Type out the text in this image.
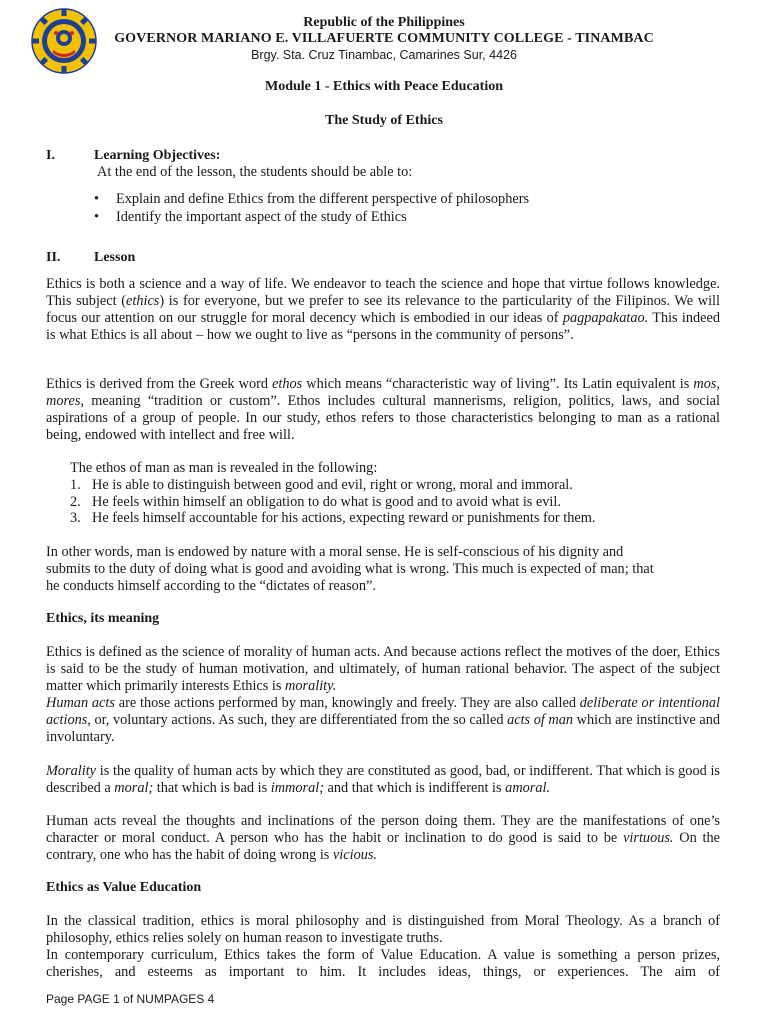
Republic of the Philippines
GOVERNOR MARIANO E. VILLAFUERTE COMMUNITY COLLEGE - TINAMBAC
Brgy. Sta. Cruz Tinambac, Camarines Sur, 4426
Module 1 - Ethics with Peace Education
The Study of Ethics
I.	Learning Objectives:
At the end of the lesson, the students should be able to:
• Explain and define Ethics from the different perspective of philosophers
• Identify the important aspect of the study of Ethics
II. Lesson
Ethics is both a science and a way of life. We endeavor to teach the science and hope that virtue follows knowledge. This subject (ethics) is for everyone, but we prefer to see its relevance to the particularity of the Filipinos. We will focus our attention on our struggle for moral decency which is embodied in our ideas of pagpapakatao. This indeed is what Ethics is all about – how we ought to live as “persons in the community of persons”.
Ethics is derived from the Greek word ethos which means “characteristic way of living”. Its Latin equivalent is mos, mores, meaning “tradition or custom”. Ethos includes cultural mannerisms, religion, politics, laws, and social aspirations of a group of people. In our study, ethos refers to those characteristics belonging to man as a rational being, endowed with intellect and free will.
The ethos of man as man is revealed in the following:
1. He is able to distinguish between good and evil, right or wrong, moral and immoral.
2. He feels within himself an obligation to do what is good and to avoid what is evil.
3. He feels himself accountable for his actions, expecting reward or punishments for them.
In other words, man is endowed by nature with a moral sense. He is self-conscious of his dignity and
submits to the duty of doing what is good and avoiding what is wrong. This much is expected of man; that
he conducts himself according to the “dictates of reason”.
Ethics, its meaning
Ethics is defined as the science of morality of human acts. And because actions reflect the motives of the doer, Ethics is said to be the study of human motivation, and ultimately, of human rational behavior. The aspect of the subject matter which primarily interests Ethics is morality.
Human acts are those actions performed by man, knowingly and freely. They are also called deliberate or intentional actions, or, voluntary actions. As such, they are differentiated from the so called acts of man which are instinctive and involuntary.
Morality is the quality of human acts by which they are constituted as good, bad, or indifferent. That which is good is described a moral; that which is bad is immoral; and that which is indifferent is amoral.
Human acts reveal the thoughts and inclinations of the person doing them. They are the manifestations of one’s character or moral conduct. A person who has the habit or inclination to do good is said to be virtuous. On the contrary, one who has the habit of doing wrong is vicious.
Ethics as Value Education
In the classical tradition, ethics is moral philosophy and is distinguished from Moral Theology. As a branch of philosophy, ethics relies solely on human reason to investigate truths.
In contemporary curriculum, Ethics takes the form of Value Education. A value is something a person prizes, cherishes, and esteems as important to him. It includes ideas, things, or experiences. The aim of
Page PAGE 1 of NUMPAGES 4
